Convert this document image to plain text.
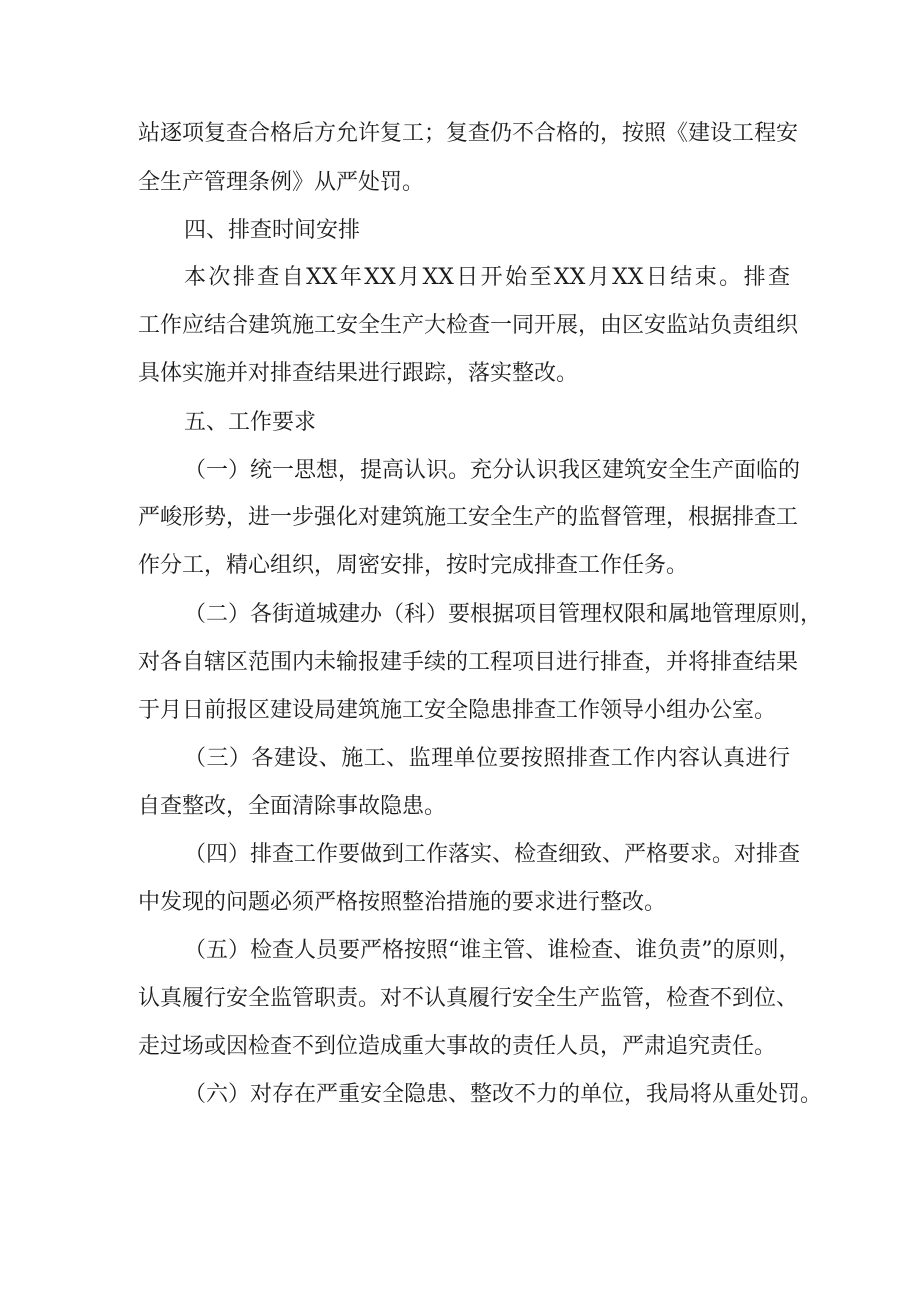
站逐项复查合格后方允许复工；复查仍不合格的，按照《建设工程安
全生产管理条例》从严处罚。
四、排查时间安排
本次排查自XX年XX月XX日开始至XX月XX日结束。排查
工作应结合建筑施工安全生产大检查一同开展，由区安监站负责组织
具体实施并对排查结果进行跟踪，落实整改。
五、工作要求
（一）统一思想，提高认识。充分认识我区建筑安全生产面临的
严峻形势，进一步强化对建筑施工安全生产的监督管理，根据排查工
作分工，精心组织，周密安排，按时完成排查工作任务。
（二）各街道城建办（科）要根据项目管理权限和属地管理原则，
对各自辖区范围内未输报建手续的工程项目进行排查，并将排查结果
于月日前报区建设局建筑施工安全隐患排查工作领导小组办公室。
（三）各建设、施工、监理单位要按照排查工作内容认真进行
自查整改，全面清除事故隐患。
（四）排查工作要做到工作落实、检查细致、严格要求。对排查
中发现的问题必须严格按照整治措施的要求进行整改。
（五）检查人员要严格按照“谁主管、谁检查、谁负责”的原则，
认真履行安全监管职责。对不认真履行安全生产监管，检查不到位、
走过场或因检查不到位造成重大事故的责任人员，严肃追究责任。
（六）对存在严重安全隐患、整改不力的单位，我局将从重处罚。
